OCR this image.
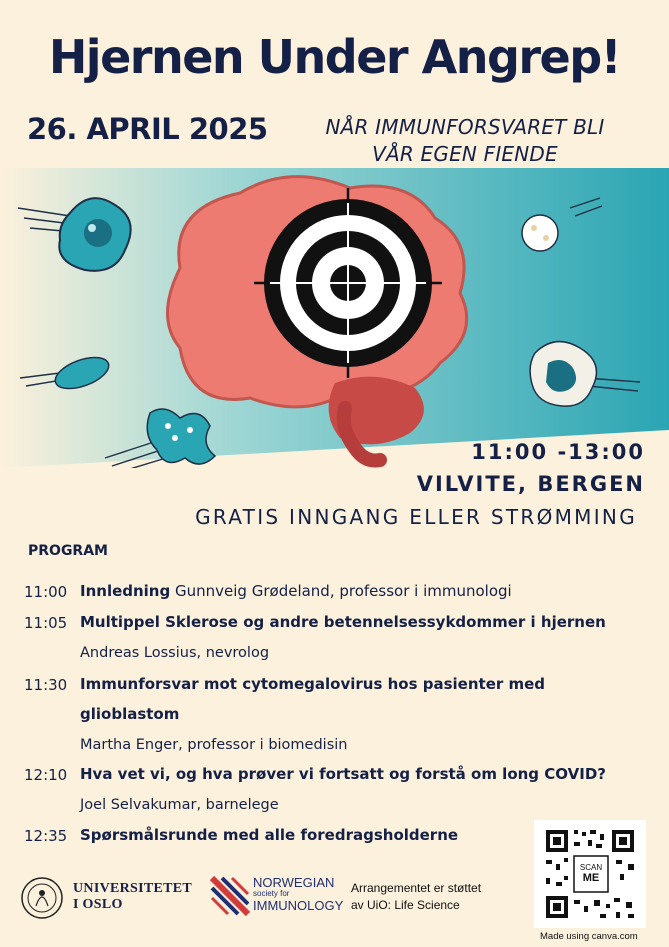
Hjernen Under Angrep!
26. APRIL 2025	NÅR IMMUNFORSVARET BLI
VÅR EGEN FIENDE
11:00 -13:00
VILVITE, BERGEN
GRATIS INNGANG ELLER STRØMMING
PROGRAM
11:00 Innledning Gunnveig Grødeland, professor i immunologi
11:05 Multippel Sklerose og andre betennelsessykdommer i hjernen
Andreas Lossius, nevrolog
11:30 Immunforsvar mot cytomegalovirus hos pasienter med glioblastom
Martha Enger, professor i biomedisin
12:10 Hva vet vi, og hva prøver vi fortsatt og forstå om long COVID?
Joel Selvakumar, barnelege
12:35 Spørsmålsrunde med alle foredragsholderne
UNIVERSITETET
I OSLO
NORWEGIAN
society for
IMMUNOLOGY
Arrangementet er støttet
av UiO: Life Science
SCAN
ME
Made using canva.com
